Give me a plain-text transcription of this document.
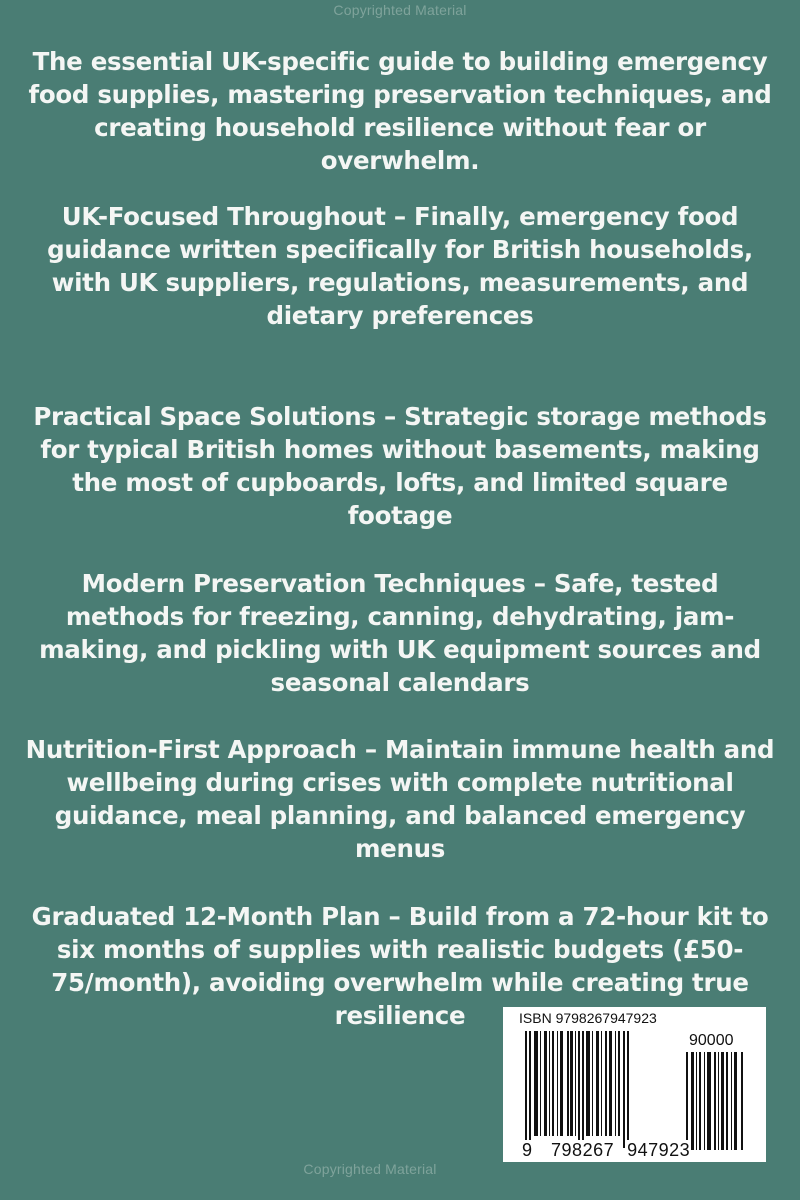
Copyrighted Material
The essential UK-specific guide to building emergency food supplies, mastering preservation techniques, and creating household resilience without fear or overwhelm.
UK-Focused Throughout – Finally, emergency food guidance written specifically for British households, with UK suppliers, regulations, measurements, and dietary preferences
Practical Space Solutions – Strategic storage methods for typical British homes without basements, making the most of cupboards, lofts, and limited square footage
Modern Preservation Techniques – Safe, tested methods for freezing, canning, dehydrating, jam-making, and pickling with UK equipment sources and seasonal calendars
Nutrition-First Approach – Maintain immune health and wellbeing during crises with complete nutritional guidance, meal planning, and balanced emergency menus
Graduated 12-Month Plan – Build from a 72-hour kit to six months of supplies with realistic budgets (£50-75/month), avoiding overwhelm while creating true resilience	ISBN 9798267947923
90000
9 798267 947923
Copyrighted Material
